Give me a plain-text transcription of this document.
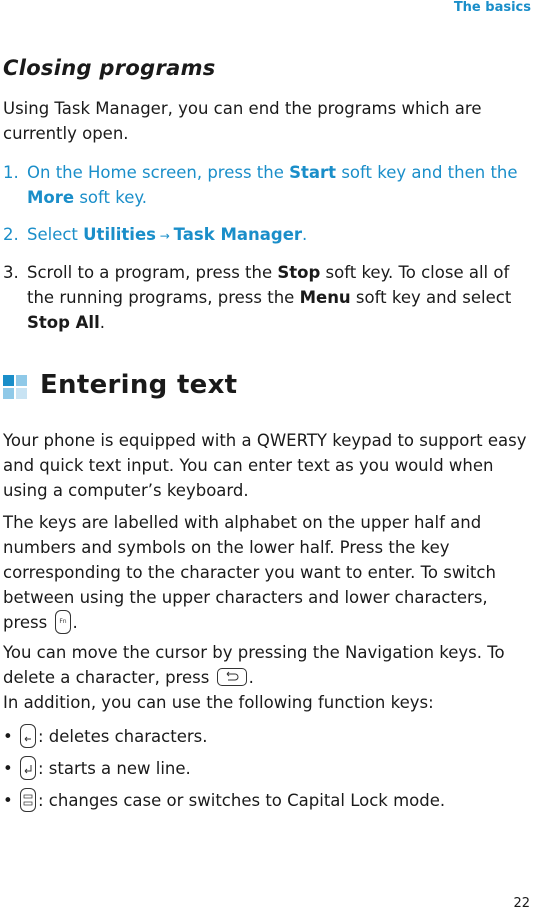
The basics
Closing programs
Using Task Manager, you can end the programs which are currently open.
1. On the Home screen, press the Start soft key and then the More soft key.
2. Select Utilities → Task Manager.
3. Scroll to a program, press the Stop soft key. To close all of the running programs, press the Menu soft key and select Stop All.
Entering text
Your phone is equipped with a QWERTY keypad to support easy and quick text input. You can enter text as you would when using a computer’s keyboard.
The keys are labelled with alphabet on the upper half and numbers and symbols on the lower half. Press the key corresponding to the character you want to enter. To switch between using the upper characters and lower characters, press Fn .
You can move the cursor by pressing the Navigation keys. To delete a character, press .
In addition, you can use the following function keys:
•
: deletes characters.
•
: starts a new line.
•
: changes case or switches to Capital Lock mode.
22
